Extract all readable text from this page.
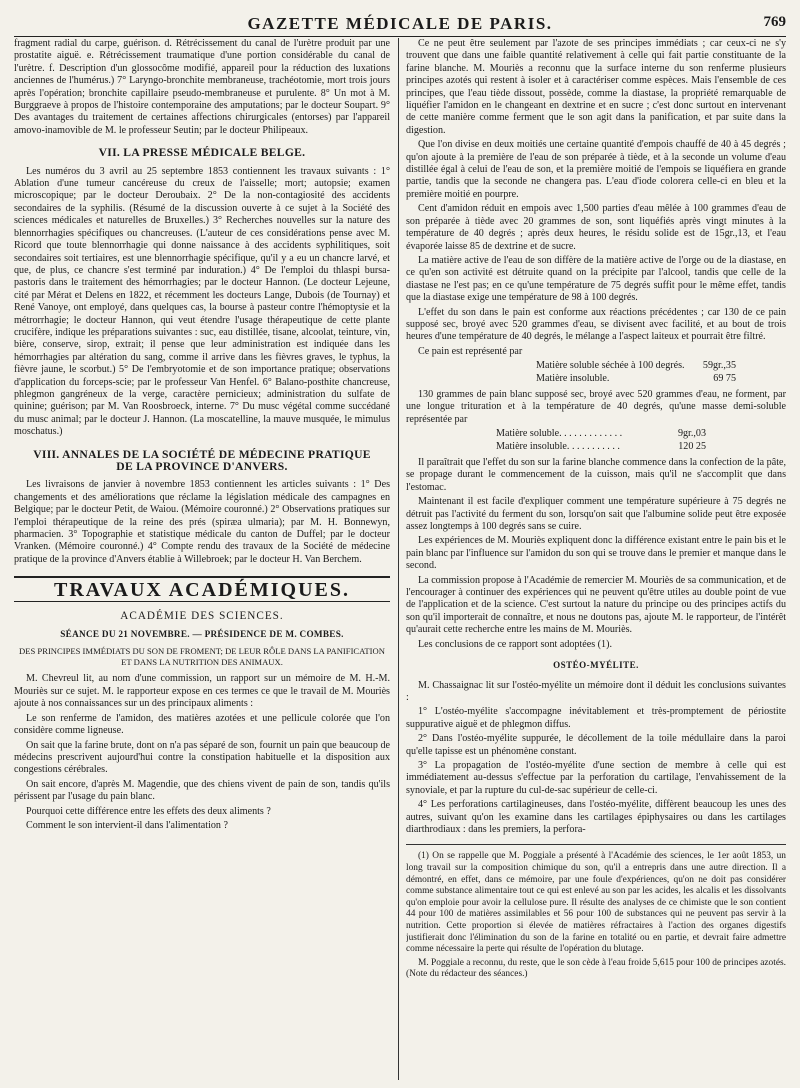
GAZETTE MÉDICALE DE PARIS.	769

fragment radial du carpe, guérison. d. Rétrécissement du canal de l'urètre produit par une prostatite aiguë. e. Rétrécissement traumatique d'une portion considérable du canal de l'urètre. f. Description d'un glossocôme modifié, appareil pour la réduction des luxations anciennes de l'humérus.) 7° Laryngo-bronchite membraneuse, trachéotomie, mort trois jours après l'opération; bronchite capillaire pseudo-membraneuse et purulente. 8° Un mot à M. Burggraeve à propos de l'histoire contemporaine des amputations; par le docteur Soupart. 9° Des avantages du traitement de certaines affections chirurgicales (entorses) par l'appareil amovo-inamovible de M. le professeur Seutin; par le docteur Philipeaux.

VII. LA PRESSE MÉDICALE BELGE.

Les numéros du 3 avril au 25 septembre 1853 contiennent les travaux suivants : 1° Ablation d'une tumeur cancéreuse du creux de l'aisselle; mort; autopsie; examen microscopique; par le docteur Deroubaix. 2° De la non-contagiosité des accidents secondaires de la syphilis. (Résumé de la discussion ouverte à ce sujet à la Société des sciences médicales et naturelles de Bruxelles.) 3° Recherches nouvelles sur la nature des blennorrhagies spécifiques ou chancreuses. (L'auteur de ces considérations pense avec M. Ricord que toute blennorrhagie qui donne naissance à des accidents syphilitiques, soit secondaires soit tertiaires, est une blennorrhagie spécifique, qu'il y a eu un chancre larvé, et que, de plus, ce chancre s'est terminé par induration.) 4° De l'emploi du thlaspi bursa-pastoris dans le traitement des hémorrhagies; par le docteur Hannon. (Le docteur Lejeune, cité par Mérat et Delens en 1822, et récemment les docteurs Lange, Dubois (de Tournay) et René Vanoye, ont employé, dans quelques cas, la bourse à pasteur contre l'hémoptysie et la métrorrhagie; le docteur Hannon, qui veut étendre l'usage thérapeutique de cette plante crucifère, indique les préparations suivantes : suc, eau distillée, tisane, alcoolat, teinture, vin, bière, conserve, sirop, extrait; il pense que leur administration est indiquée dans les hémorrhagies par altération du sang, comme il arrive dans les fièvres graves, le typhus, la fièvre jaune, le scorbut.) 5° De l'embryotomie et de son importance pratique; observations d'application du forceps-scie; par le professeur Van Henfel. 6° Balano-posthite chancreuse, phlegmon gangréneux de la verge, caractère pernicieux; administration du sulfate de quinine; guérison; par M. Van Roosbroeck, interne. 7° Du musc végétal comme succédané du musc animal; par le docteur J. Hannon. (La moscatelline, la mauve musquée, le mimulus moschatus.)

VIII. ANNALES DE LA SOCIÉTÉ DE MÉDECINE PRATIQUE
DE LA PROVINCE D'ANVERS.

Les livraisons de janvier à novembre 1853 contiennent les articles suivants : 1° Des changements et des améliorations que réclame la législation médicale des campagnes en Belgique; par le docteur Petit, de Waiou. (Mémoire couronné.) 2° Observations pratiques sur l'emploi thérapeutique de la reine des prés (spiræa ulmaria); par M. H. Bonnewyn, pharmacien. 3° Topographie et statistique médicale du canton de Duffel; par le docteur Vranken. (Mémoire couronné.) 4° Compte rendu des travaux de la Société de médecine pratique de la province d'Anvers établie à Willebroek; par le docteur H. Van Berchem.

TRAVAUX ACADÉMIQUES.
ACADÉMIE DES SCIENCES.
SÉANCE DU 21 NOVEMBRE. — PRÉSIDENCE DE M. COMBES.
DES PRINCIPES IMMÉDIATS DU SON DE FROMENT; DE LEUR RÔLE DANS LA PANIFICATION ET DANS LA NUTRITION DES ANIMAUX.

M. Chevreul lit, au nom d'une commission, un rapport sur un mémoire de M. H.-M. Mouriès sur ce sujet. M. le rapporteur expose en ces termes ce que le travail de M. Mouriès ajoute à nos connaissances sur un des principaux aliments :

Le son renferme de l'amidon, des matières azotées et une pellicule colorée que l'on considère comme ligneuse.

On sait que la farine brute, dont on n'a pas séparé de son, fournit un pain que beaucoup de médecins prescrivent aujourd'hui contre la constipation habituelle et la disposition aux congestions cérébrales.

On sait encore, d'après M. Magendie, que des chiens vivent de pain de son, tandis qu'ils périssent par l'usage du pain blanc.

Pourquoi cette différence entre les effets des deux aliments ?

Comment le son intervient-il dans l'alimentation ?

Ce ne peut être seulement par l'azote de ses principes immédiats ; car ceux-ci ne s'y trouvent que dans une faible quantité relativement à celle qui fait partie constituante de la farine blanche. M. Mouriès a reconnu que la surface interne du son renferme plusieurs principes azotés qui restent à isoler et à caractériser comme espèces. Mais l'ensemble de ces principes, que l'eau tiède dissout, possède, comme la diastase, la propriété remarquable de liquéfier l'amidon en le changeant en dextrine et en sucre ; c'est donc surtout en intervenant de cette manière comme ferment que le son agit dans la panification, et par suite dans la digestion.

Que l'on divise en deux moitiés une certaine quantité d'empois chauffé de 40 à 45 degrés ; qu'on ajoute à la première de l'eau de son préparée à tiède, et à la seconde un volume d'eau distillée égal à celui de l'eau de son, et la première moitié de l'empois se liquéfiera en grande partie, tandis que la seconde ne changera pas. L'eau d'iode colorera celle-ci en bleu et la première moitié en pourpre.

Cent d'amidon réduit en empois avec 1,500 parties d'eau mêlée à 100 grammes d'eau de son préparée à tiède avec 20 grammes de son, sont liquéfiés après vingt minutes à la température de 40 degrés ; après deux heures, le résidu solide est de 15gr.,13, et l'eau évaporée laisse 85 de dextrine et de sucre.

La matière active de l'eau de son diffère de la matière active de l'orge ou de la diastase, en ce qu'en son activité est détruite quand on la précipite par l'alcool, tandis que celle de la diastase ne l'est pas; en ce qu'une température de 75 degrés suffit pour le même effet, tandis que la diastase exige une température de 98 à 100 degrés.

L'effet du son dans le pain est conforme aux réactions précédentes ; car 130 de ce pain supposé sec, broyé avec 520 grammes d'eau, se divisent avec facilité, et au bout de trois heures d'une température de 40 degrés, le mélange a l'aspect laiteux et pourrait être filtré.

Ce pain est représenté par

Matière soluble séchée à 100 degrés. 59gr.,35
Matière insoluble.	69 75

130 grammes de pain blanc supposé sec, broyé avec 520 grammes d'eau, ne forment, par une longue trituration et à la température de 40 degrés, qu'une masse demi-soluble représentée par

Matière soluble. . . . . . . . . . . . .	9gr.,03
Matière insoluble. . . . . . . . . . .	120 25

Il paraîtrait que l'effet du son sur la farine blanche commence dans la confection de la pâte, se propage durant le commencement de la cuisson, mais qu'il ne s'accomplit que dans l'estomac.

Maintenant il est facile d'expliquer comment une température supérieure à 75 degrés ne détruit pas l'activité du ferment du son, lorsqu'on sait que l'albumine solide peut être exposée assez longtemps à 100 degrés sans se cuire.

Les expériences de M. Mouriès expliquent donc la différence existant entre le pain bis et le pain blanc par l'influence sur l'amidon du son qui se trouve dans le premier et manque dans le second.

La commission propose à l'Académie de remercier M. Mouriès de sa communication, et de l'encourager à continuer des expériences qui ne peuvent qu'être utiles au double point de vue de l'application et de la science. C'est surtout la nature du principe ou des principes actifs du son qu'il importerait de connaître, et nous ne doutons pas, ajoute M. le rapporteur, de l'intérêt qu'aurait cette recherche entre les mains de M. Mouriès.

Les conclusions de ce rapport sont adoptées (1).

OSTÉO-MYÉLITE.

M. Chassaignac lit sur l'ostéo-myélite un mémoire dont il déduit les conclusions suivantes :

1° L'ostéo-myélite s'accompagne inévitablement et très-promptement de périostite suppurative aiguë et de phlegmon diffus.

2° Dans l'ostéo-myélite suppurée, le décollement de la toile médullaire dans la paroi qu'elle tapisse est un phénomène constant.

3° La propagation de l'ostéo-myélite d'une section de membre à celle qui est immédiatement au-dessus s'effectue par la perforation du cartilage, l'envahissement de la synoviale, et par la rupture du cul-de-sac supérieur de celle-ci.

4° Les perforations cartilagineuses, dans l'ostéo-myélite, diffèrent beaucoup les unes des autres, suivant qu'on les examine dans les cartilages épiphysaires ou dans les cartilages diarthrodiaux : dans les premiers, la perfora-

(1) On se rappelle que M. Poggiale a présenté à l'Académie des sciences, le 1er août 1853, un long travail sur la composition chimique du son, qu'il a entrepris dans une autre direction. Il a démontré, en effet, dans ce mémoire, par une foule d'expériences, qu'on ne doit pas considérer comme substance alimentaire tout ce qui est enlevé au son par les acides, les alcalis et les dissolvants qu'on emploie pour avoir la cellulose pure. Il résulte des analyses de ce chimiste que le son contient 44 pour 100 de matières assimilables et 56 pour 100 de substances qui ne peuvent pas servir à la nutrition. Cette proportion si élevée de matières réfractaires à l'action des organes digestifs justifierait donc l'élimination du son de la farine en totalité ou en partie, et devrait faire admettre comme nécessaire la perte qui résulte de l'opération du blutage.

M. Poggiale a reconnu, du reste, que le son cède à l'eau froide 5,615 pour 100 de principes azotés. (Note du rédacteur des séances.)
